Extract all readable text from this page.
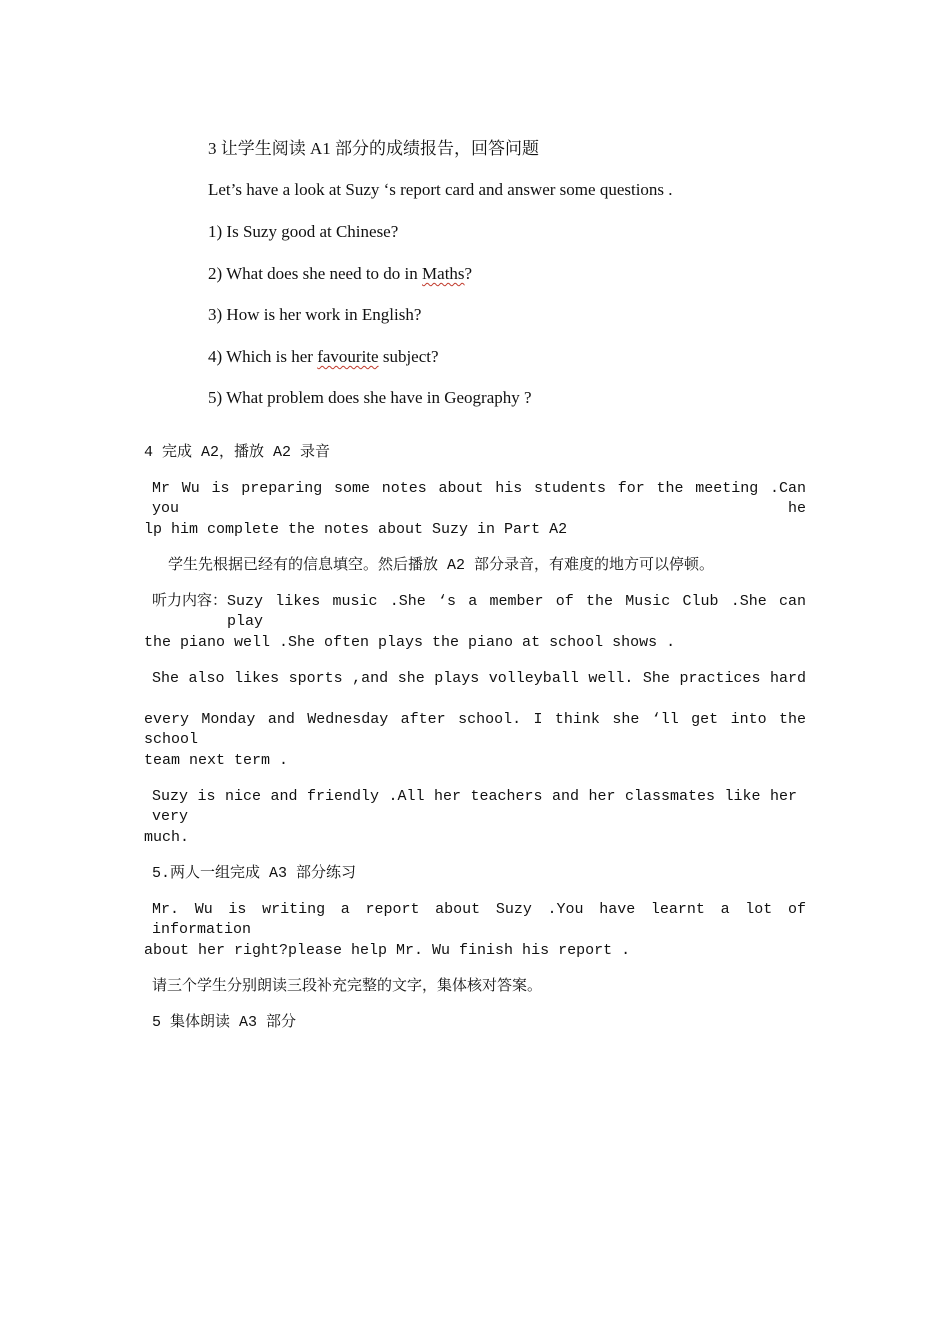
3 让学生阅读 A1 部分的成绩报告，回答问题
Let’s have a look at Suzy ‘s report card and answer some questions .
1) Is Suzy good at Chinese?
2) What does she need to do in Maths?
3) How is her work in English?
4) Which is her favourite subject?
5) What problem does she have in Geography ?
4 完成 A2，播放 A2 录音
Mr Wu is preparing some notes about his students for the meeting .Can you he
lp him complete the notes about Suzy in Part A2
学生先根据已经有的信息填空。然后播放 A2 部分录音，有难度的地方可以停顿。
听力内容： Suzy likes music .She ‘s a member of the Music Club .She can play
the piano well .She often plays the piano at school shows .
She also likes sports ,and she plays volleyball well. She practices hard
every Monday and Wednesday after school. I think she ‘ll get into the school
team next term .
Suzy is nice and friendly .All her teachers and her classmates like her very
much.
5.两人一组完成 A3 部分练习
Mr. Wu is writing a report about Suzy .You have learnt a lot of information
about her right?please help Mr. Wu finish his report .
请三个学生分别朗读三段补充完整的文字，集体核对答案。
5 集体朗读 A3 部分
